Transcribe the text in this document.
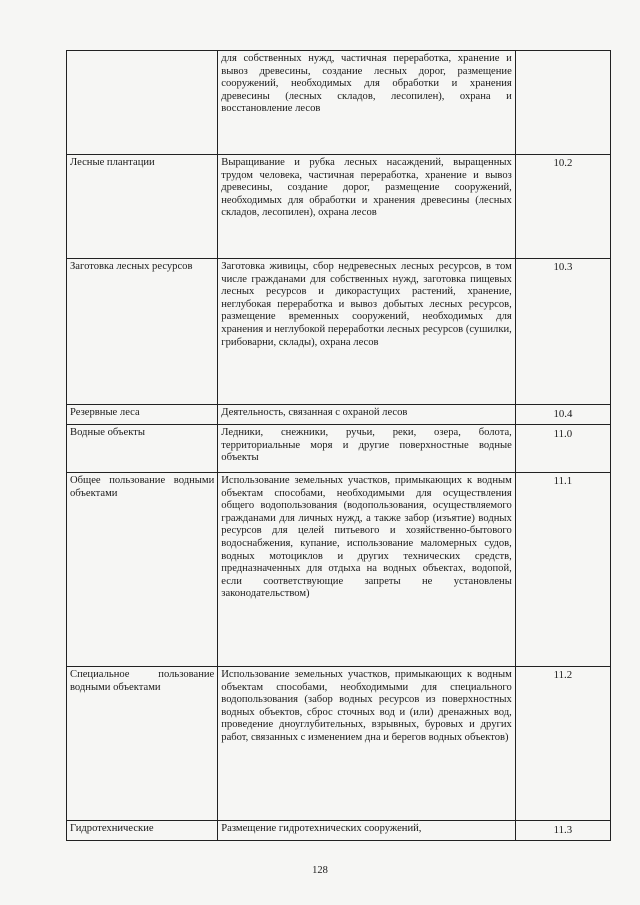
	для собственных нужд, частичная переработка, хранение и вывоз древесины, создание лесных дорог, размещение сооружений, необходимых для обработки и хранения древесины (лесных складов, лесопилен), охрана и восстановление лесов	
Лесные плантации	Выращивание и рубка лесных насаждений, выращенных трудом человека, частичная переработка, хранение и вывоз древесины, создание дорог, размещение сооружений, необходимых для обработки и хранения древесины (лесных складов, лесопилен), охрана лесов	10.2
Заготовка лесных ресурсов	Заготовка живицы, сбор недревесных лесных ресурсов, в том числе гражданами для собственных нужд, заготовка пищевых лесных ресурсов и дикорастущих растений, хранение, неглубокая переработка и вывоз добытых лесных ресурсов, размещение временных сооружений, необходимых для хранения и неглубокой переработки лесных ресурсов (сушилки, грибоварни, склады), охрана лесов	10.3
Резервные леса	Деятельность, связанная с охраной лесов	10.4
Водные объекты	Ледники, снежники, ручьи, реки, озера, болота, территориальные моря и другие поверхностные водные объекты	11.0
Общее пользование водными объектами	Использование земельных участков, примыкающих к водным объектам способами, необходимыми для осуществления общего водопользования (водопользования, осуществляемого гражданами для личных нужд, а также забор (изъятие) водных ресурсов для целей питьевого и хозяйственно-бытового водоснабжения, купание, использование маломерных судов, водных мотоциклов и других технических средств, предназначенных для отдыха на водных объектах, водопой, если соответствующие запреты не установлены законодательством)	11.1
Специальное пользование водными объектами	Использование земельных участков, примыкающих к водным объектам способами, необходимыми для специального водопользования (забор водных ресурсов из поверхностных водных объектов, сброс сточных вод и (или) дренажных вод, проведение дноуглубительных, взрывных, буровых и других работ, связанных с изменением дна и берегов водных объектов)	11.2
Гидротехнические	Размещение гидротехнических сооружений,	11.3
128
